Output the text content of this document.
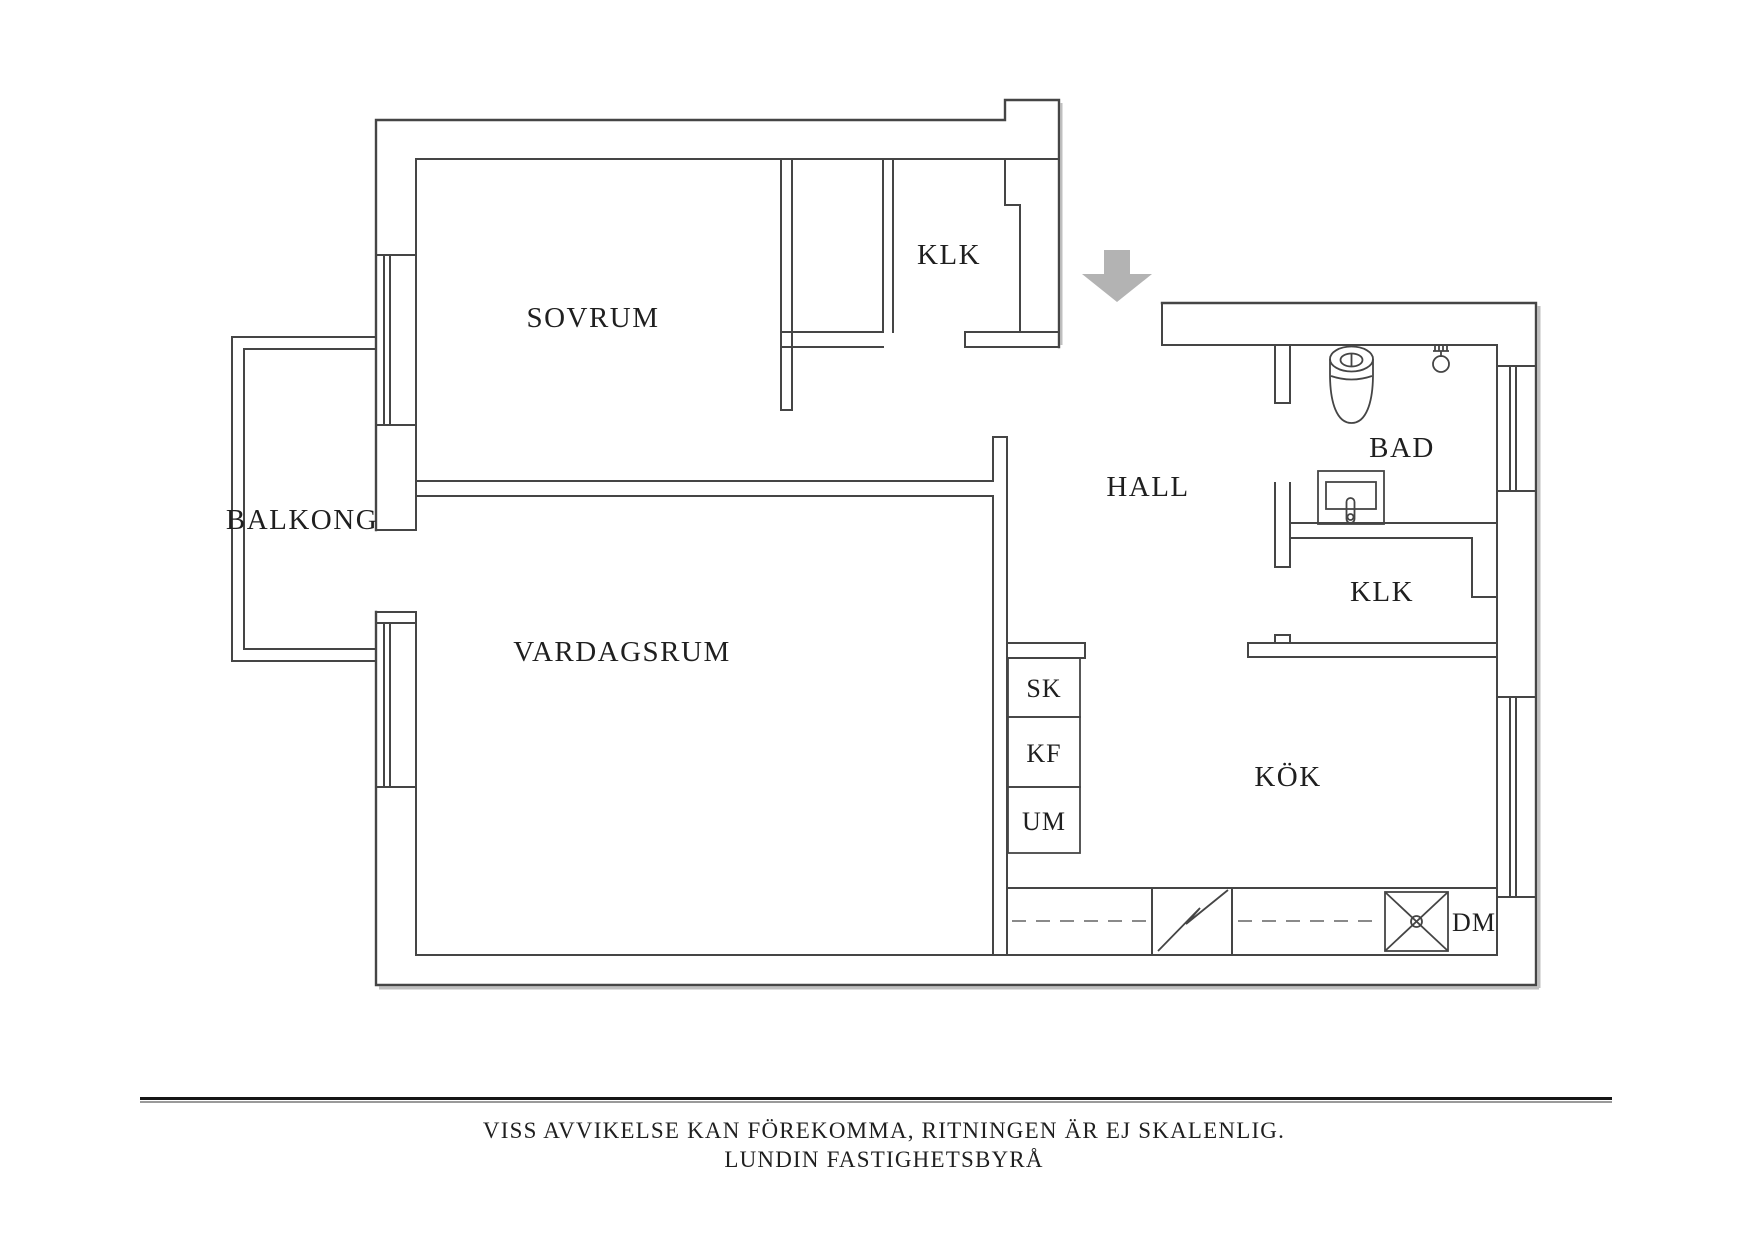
SOVRUM
KLK
BALKONG
VARDAGSRUM
HALL
BAD
KLK
KÖK
SK
KF
UM
DM
VISS AVVIKELSE KAN FÖREKOMMA, RITNINGEN ÄR EJ SKALENLIG.
LUNDIN FASTIGHETSBYRÅ
